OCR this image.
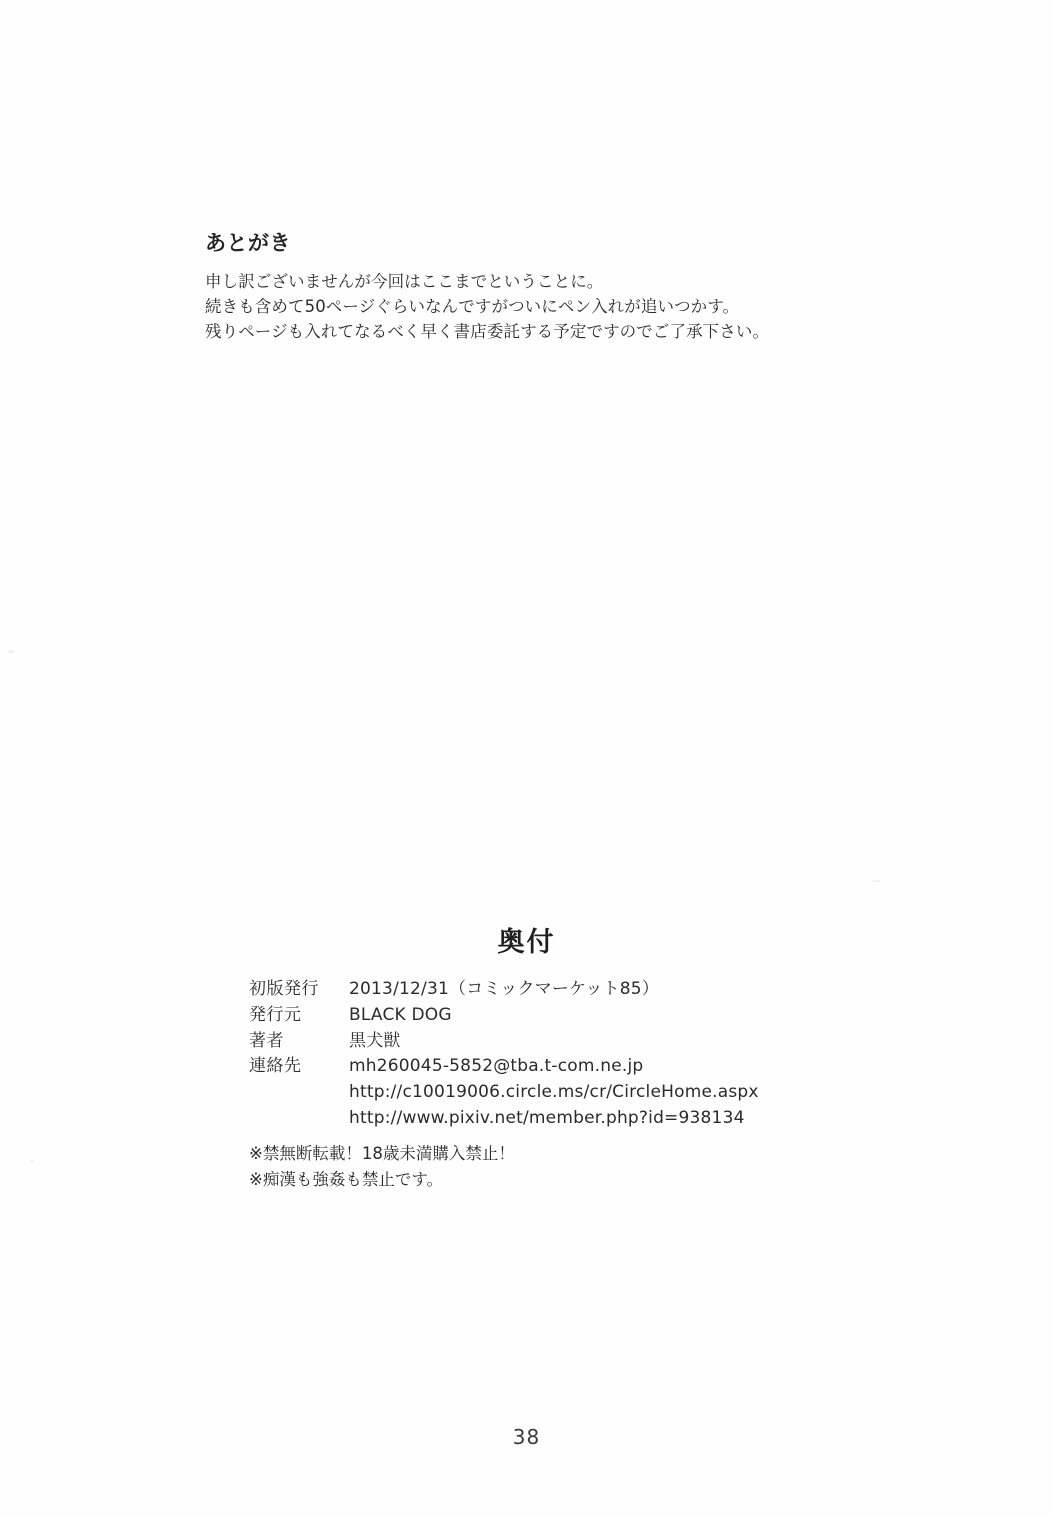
あとがき
申し訳ございませんが今回はここまでということに。
続きも含めて50ページぐらいなんですがついにペン入れが追いつかす。
残りページも入れてなるべく早く書店委託する予定ですのでご了承下さい。
奥付
初版発行	2013/12/31（コミックマーケット85）
発行元	BLACK DOG
著者	黒犬獣
連絡先	mh260045-5852@tba.t-com.ne.jp
http://c10019006.circle.ms/cr/CircleHome.aspx
http://www.pixiv.net/member.php?id=938134
※禁無断転載！18歳未満購入禁止！
※痴漢も強姦も禁止です。
38
